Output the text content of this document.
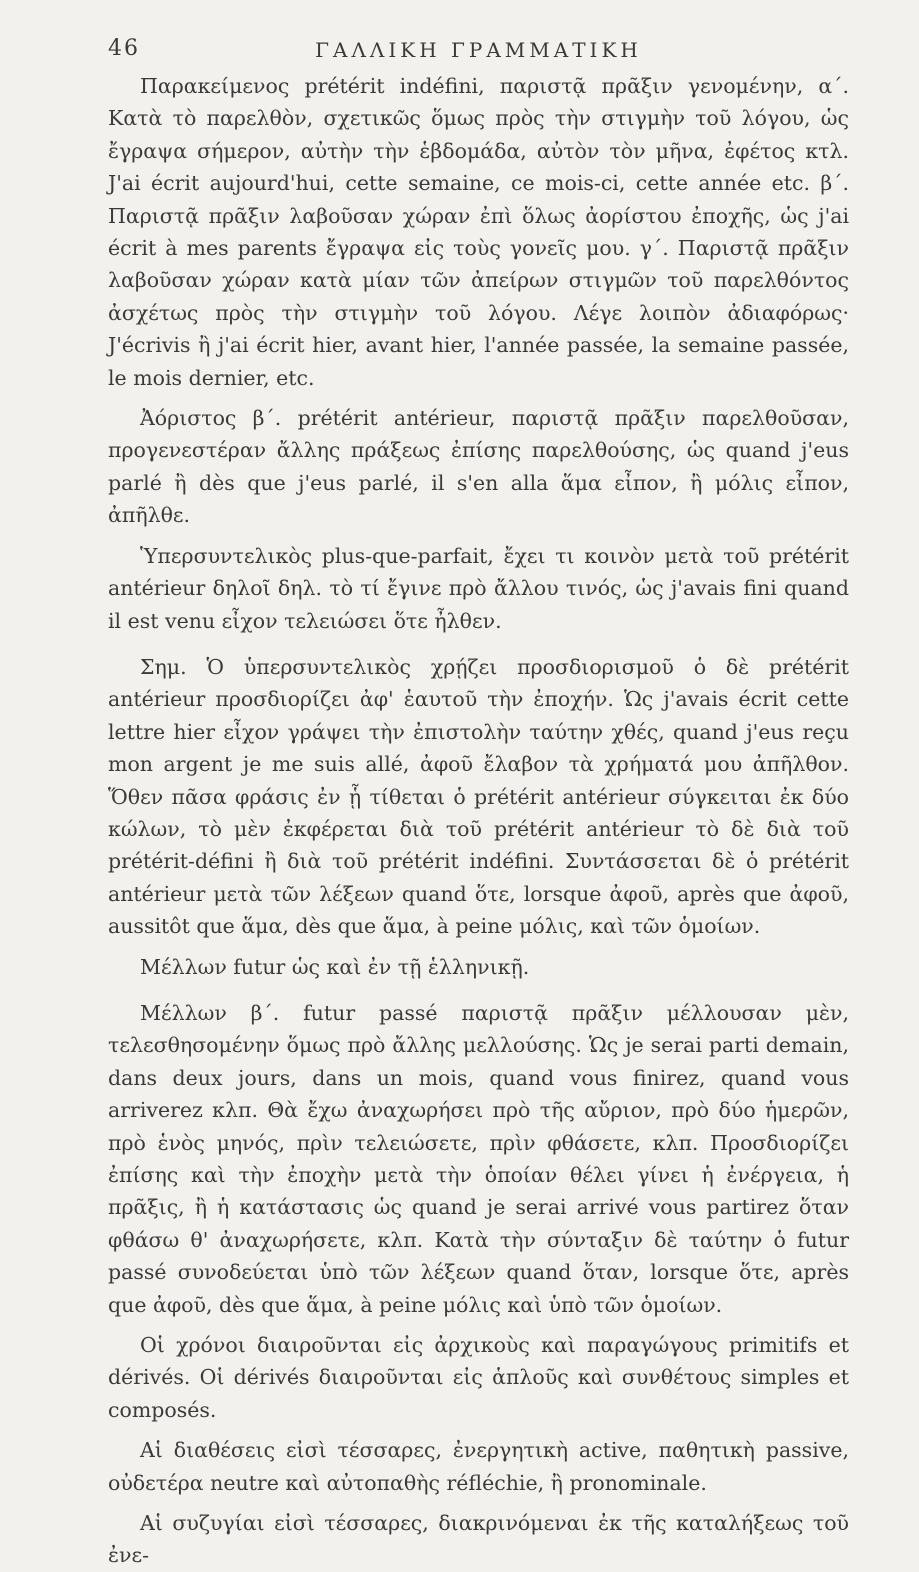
46	ΓΑΛΛΙΚΗ ΓΡΑΜΜΑΤΙΚΗ

Παρακείμενος prétérit indéfini, παριστᾷ πρᾶξιν γενομένην, α΄. Κατὰ τὸ παρελθὸν, σχετικῶς ὅμως πρὸς τὴν στιγμὴν τοῦ λόγου, ὡς ἔγραψα σήμερον, αὐτὴν τὴν ἑβδομάδα, αὐτὸν τὸν μῆνα, ἐφέτος κτλ. J'ai écrit aujourd'hui, cette semaine, ce mois-ci, cette année etc. β΄. Παριστᾷ πρᾶξιν λαβοῦσαν χώραν ἐπὶ ὅλως ἀορίστου ἐποχῆς, ὡς j'ai écrit à mes parents ἔγραψα εἰς τοὺς γονεῖς μου. γ΄. Παριστᾷ πρᾶξιν λαβοῦσαν χώραν κατὰ μίαν τῶν ἀπείρων στιγμῶν τοῦ παρελθόντος ἀσχέτως πρὸς τὴν στιγμὴν τοῦ λόγου. Λέγε λοιπὸν ἀδιαφόρως· J'écrivis ἢ j'ai écrit hier, avant hier, l'année passée, la semaine passée, le mois dernier, etc.

Ἀόριστος β΄. prétérit antérieur, παριστᾷ πρᾶξιν παρελθοῦσαν, προγενεστέραν ἄλλης πράξεως ἐπίσης παρελθούσης, ὡς quand j'eus parlé ἢ dès que j'eus parlé, il s'en alla ἅμα εἶπον, ἢ μόλις εἶπον, ἀπῆλθε.

Ὑπερσυντελικὸς plus-que-parfait, ἔχει τι κοινὸν μετὰ τοῦ prétérit antérieur δηλοῖ δηλ. τὸ τί ἔγινε πρὸ ἄλλου τινός, ὡς j'avais fini quand il est venu εἶχον τελειώσει ὅτε ἦλθεν.

Σημ. Ὁ ὑπερσυντελικὸς χρῄζει προσδιορισμοῦ ὁ δὲ prétérit antérieur προσδιορίζει ἀφ' ἑαυτοῦ τὴν ἐποχήν. Ὡς j'avais écrit cette lettre hier εἶχον γράψει τὴν ἐπιστολὴν ταύτην χθές, quand j'eus reçu mon argent je me suis allé, ἀφοῦ ἔλαβον τὰ χρήματά μου ἀπῆλθον. Ὅθεν πᾶσα φράσις ἐν ᾗ τίθεται ὁ prétérit antérieur σύγκειται ἐκ δύο κώλων, τὸ μὲν ἐκφέρεται διὰ τοῦ prétérit antérieur τὸ δὲ διὰ τοῦ prétérit-défini ἢ διὰ τοῦ prétérit indéfini. Συντάσσεται δὲ ὁ prétérit antérieur μετὰ τῶν λέξεων quand ὅτε, lorsque ἀφοῦ, après que ἀφοῦ, aussitôt que ἅμα, dès que ἅμα, à peine μόλις, καὶ τῶν ὁμοίων.

Μέλλων futur ὡς καὶ ἐν τῇ ἑλληνικῇ.

Μέλλων β΄. futur passé παριστᾷ πρᾶξιν μέλλουσαν μὲν, τελεσθησομένην ὅμως πρὸ ἄλλης μελλούσης. Ὡς je serai parti demain, dans deux jours, dans un mois, quand vous finirez, quand vous arriverez κλπ. Θὰ ἔχω ἀναχωρήσει πρὸ τῆς αὔριον, πρὸ δύο ἡμερῶν, πρὸ ἑνὸς μηνός, πρὶν τελειώσετε, πρὶν φθάσετε, κλπ. Προσδιορίζει ἐπίσης καὶ τὴν ἐποχὴν μετὰ τὴν ὁποίαν θέλει γίνει ἡ ἐνέργεια, ἡ πρᾶξις, ἢ ἡ κατάστασις ὡς quand je serai arrivé vous partirez ὅταν φθάσω θ' ἀναχωρήσετε, κλπ. Κατὰ τὴν σύνταξιν δὲ ταύτην ὁ futur passé συνοδεύεται ὑπὸ τῶν λέξεων quand ὅταν, lorsque ὅτε, après que ἀφοῦ, dès que ἅμα, à peine μόλις καὶ ὑπὸ τῶν ὁμοίων.

Οἱ χρόνοι διαιροῦνται εἰς ἀρχικοὺς καὶ παραγώγους primitifs et dérivés. Οἱ dérivés διαιροῦνται εἰς ἁπλοῦς καὶ συνθέτους simples et composés.

Αἱ διαθέσεις εἰσὶ τέσσαρες, ἐνεργητικὴ active, παθητικὴ passive, οὐδετέρα neutre καὶ αὐτοπαθὴς réfléchie, ἢ pronominale.

Αἱ συζυγίαι εἰσὶ τέσσαρες, διακρινόμεναι ἐκ τῆς καταλήξεως τοῦ ἐνε-
